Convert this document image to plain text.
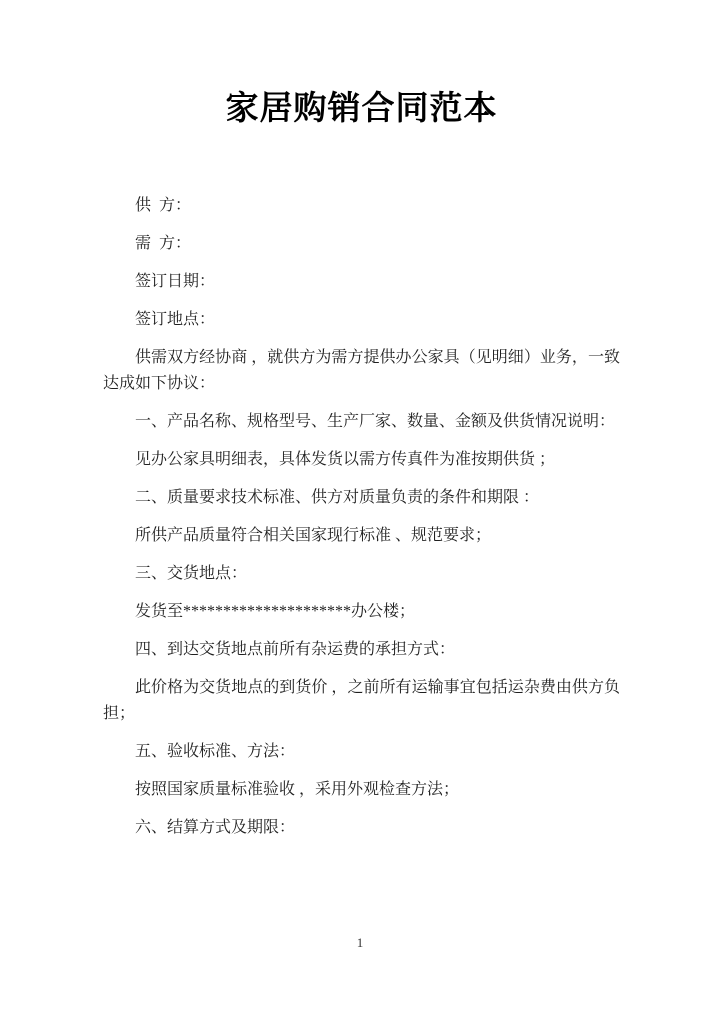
家居购销合同范本

供  方：

需  方：

签订日期：

签订地点：

供需双方经协商 ，就供方为需方提供办公家具（见明细）业务，一致达成如下协议：

一、产品名称、规格型号、生产厂家、数量、金额及供货情况说明：

见办公家具明细表，具体发货以需方传真件为准按期供货 ；

二、质量要求技术标准、供方对质量负责的条件和期限 ：

所供产品质量符合相关国家现行标准 、规范要求；

三、交货地点：

发货至*********************办公楼；

四、到达交货地点前所有杂运费的承担方式：

此价格为交货地点的到货价 ，之前所有运输事宜包括运杂费由供方负担；

五、验收标准、方法：

按照国家质量标准验收 ，采用外观检查方法；

六、结算方式及期限：

1
